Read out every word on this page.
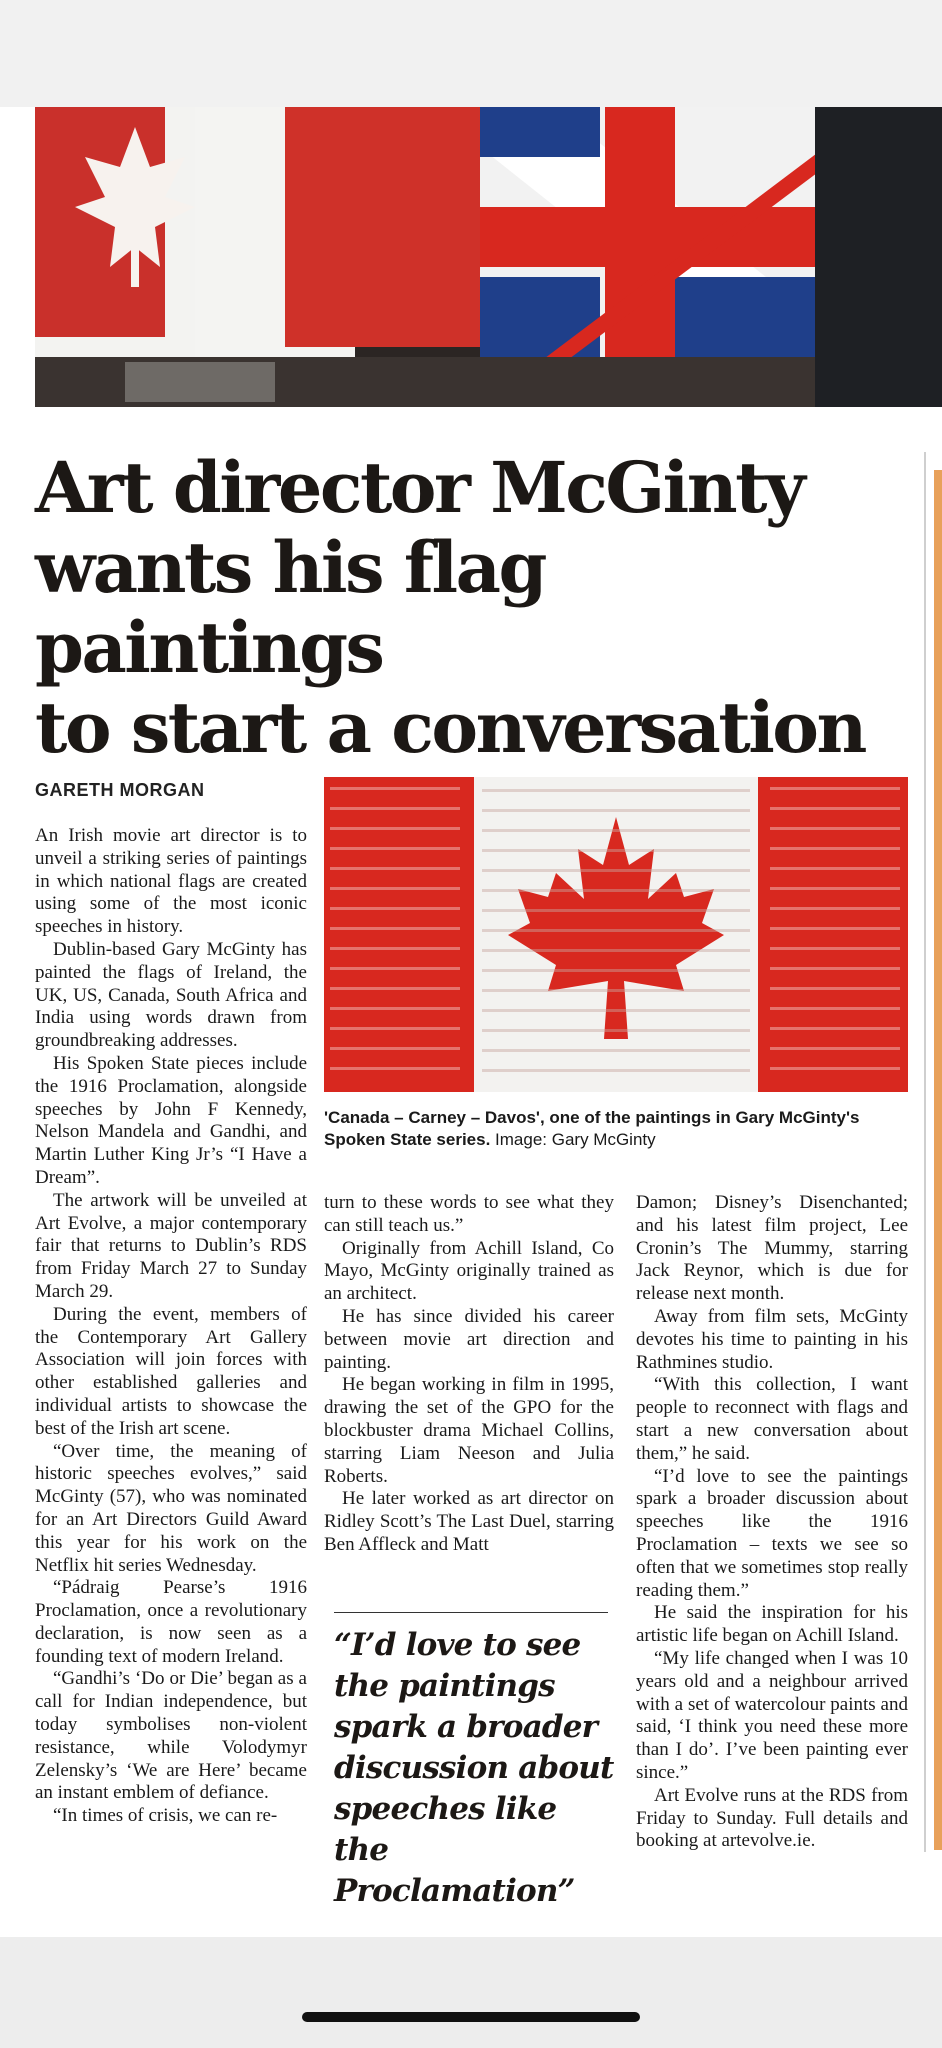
Art director McGinty
wants his flag paintings
to start a conversation
GARETH MORGAN

An Irish movie art director is to unveil a striking series of paintings in which national flags are created using some of the most iconic speeches in history.

Dublin-based Gary McGinty has painted the flags of Ireland, the UK, US, Canada, South Africa and India using words drawn from groundbreaking addresses.

His Spoken State pieces include the 1916 Proclamation, alongside speeches by John F Kennedy, Nelson Mandela and Gandhi, and Martin Luther King Jr’s “I Have a Dream”.

The artwork will be unveiled at Art Evolve, a major contemporary fair that returns to Dublin’s RDS from Friday March 27 to Sunday March 29.

During the event, members of the Contemporary Art Gallery Association will join forces with other established galleries and individual artists to showcase the best of the Irish art scene.

“Over time, the meaning of historic speeches evolves,” said McGinty (57), who was nominated for an Art Directors Guild Award this year for his work on the Netflix hit series Wednesday.

“Pádraig Pearse’s 1916 Proclamation, once a revolutionary declaration, is now seen as a founding text of modern Ireland.

“Gandhi’s ‘Do or Die’ began as a call for Indian independence, but today symbolises non-violent resistance, while Volodymyr Zelensky’s ‘We are Here’ became an instant emblem of defiance.

“In times of crisis, we can re-

'Canada – Carney – Davos', one of the paintings in Gary McGinty's Spoken State series. Image: Gary McGinty

turn to these words to see what they can still teach us.”

Originally from Achill Island, Co Mayo, McGinty originally trained as an architect.

He has since divided his career between movie art direction and painting.

He began working in film in 1995, drawing the set of the GPO for the blockbuster drama Michael Collins, starring Liam Neeson and Julia Roberts.

He later worked as art director on Ridley Scott’s The Last Duel, starring Ben Affleck and Matt

“I’d love to see the paintings spark a broader discussion about speeches like the Proclamation”

Damon; Disney’s Disenchanted; and his latest film project, Lee Cronin’s The Mummy, starring Jack Reynor, which is due for release next month.

Away from film sets, McGinty devotes his time to painting in his Rathmines studio.

“With this collection, I want people to reconnect with flags and start a new conversation about them,” he said.

“I’d love to see the paintings spark a broader discussion about speeches like the 1916 Proclamation – texts we see so often that we sometimes stop really reading them.”

He said the inspiration for his artistic life began on Achill Island.

“My life changed when I was 10 years old and a neighbour arrived with a set of watercolour paints and said, ‘I think you need these more than I do’. I’ve been painting ever since.”

Art Evolve runs at the RDS from Friday to Sunday. Full details and booking at artevolve.ie.
